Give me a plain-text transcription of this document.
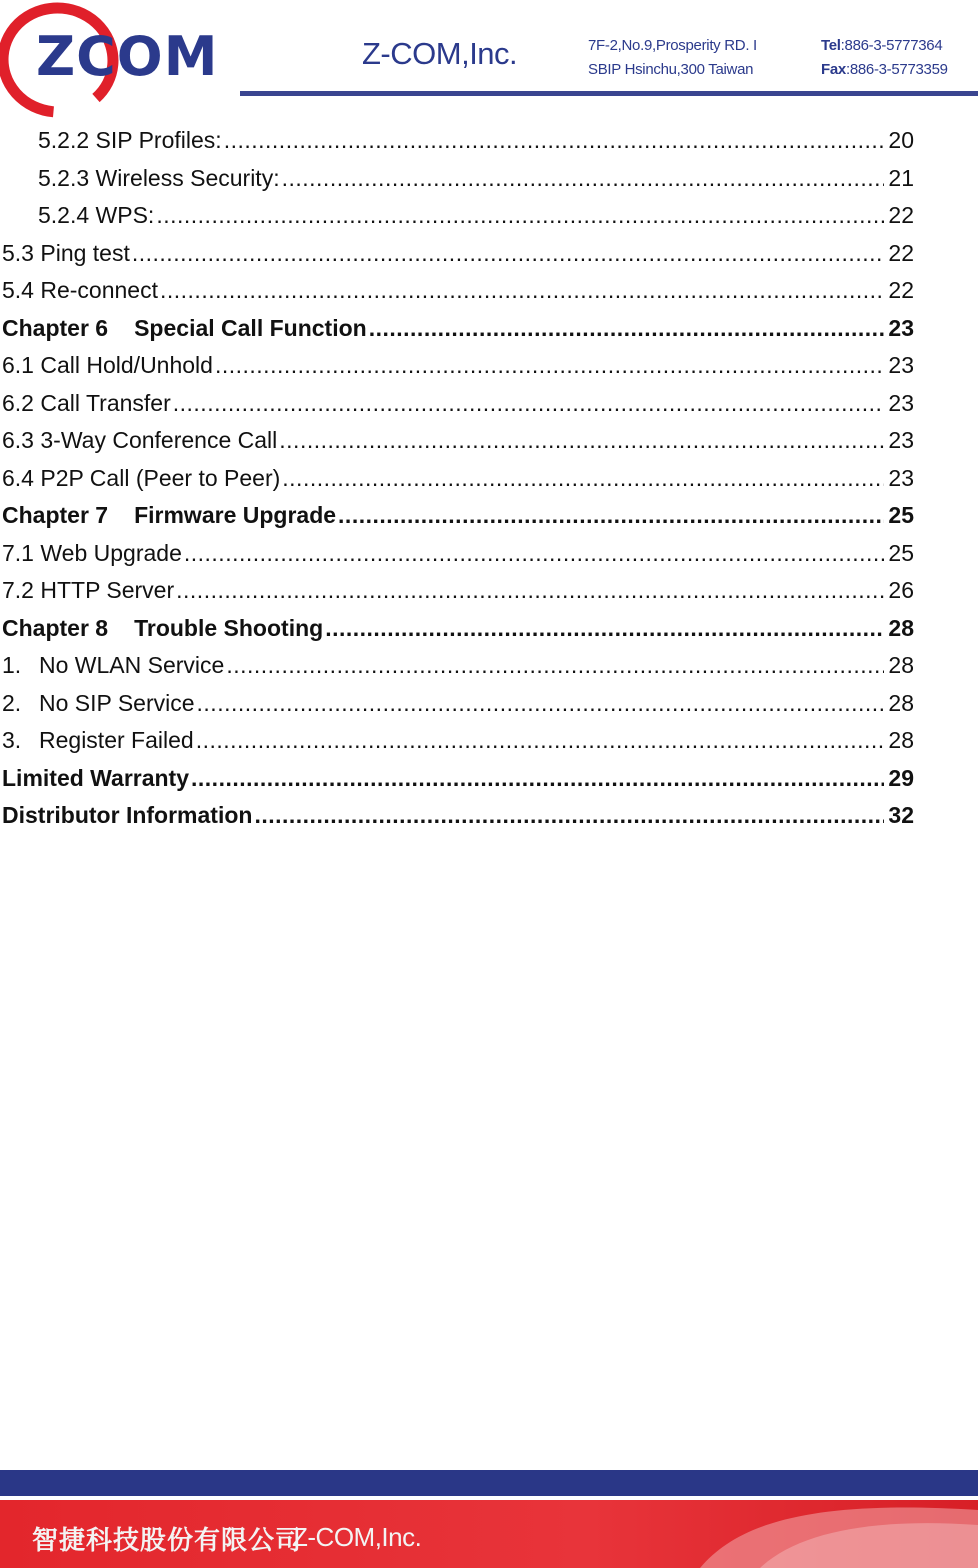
ZCOM	Z-COM,Inc.	7F-2,No.9,Prosperity RD. I
SBIP Hsinchu,300 Taiwan
Tel:886-3-5777364
Fax:886-3-5773359
5.2.2 SIP Profiles: .....	20
5.2.3 Wireless Security: .....	21
5.2.4 WPS: .....	22
5.3 Ping test .....	22
5.4 Re-connect .....	22
Chapter 6 Special Call Function .....	23
6.1 Call Hold/Unhold .....	23
6.2 Call Transfer .....	23
6.3 3-Way Conference Call .....	23
6.4 P2P Call (Peer to Peer) .....	23
Chapter 7 Firmware Upgrade .....	25
7.1 Web Upgrade .....	25
7.2 HTTP Server .....	26
Chapter 8 Trouble Shooting .....	28
1. No WLAN Service .....	28
2. No SIP Service .....	28
3. Register Failed .....	28
Limited Warranty .....	29
Distributor Information .....	32
智捷科技股份有限公司
Z-COM,Inc.
